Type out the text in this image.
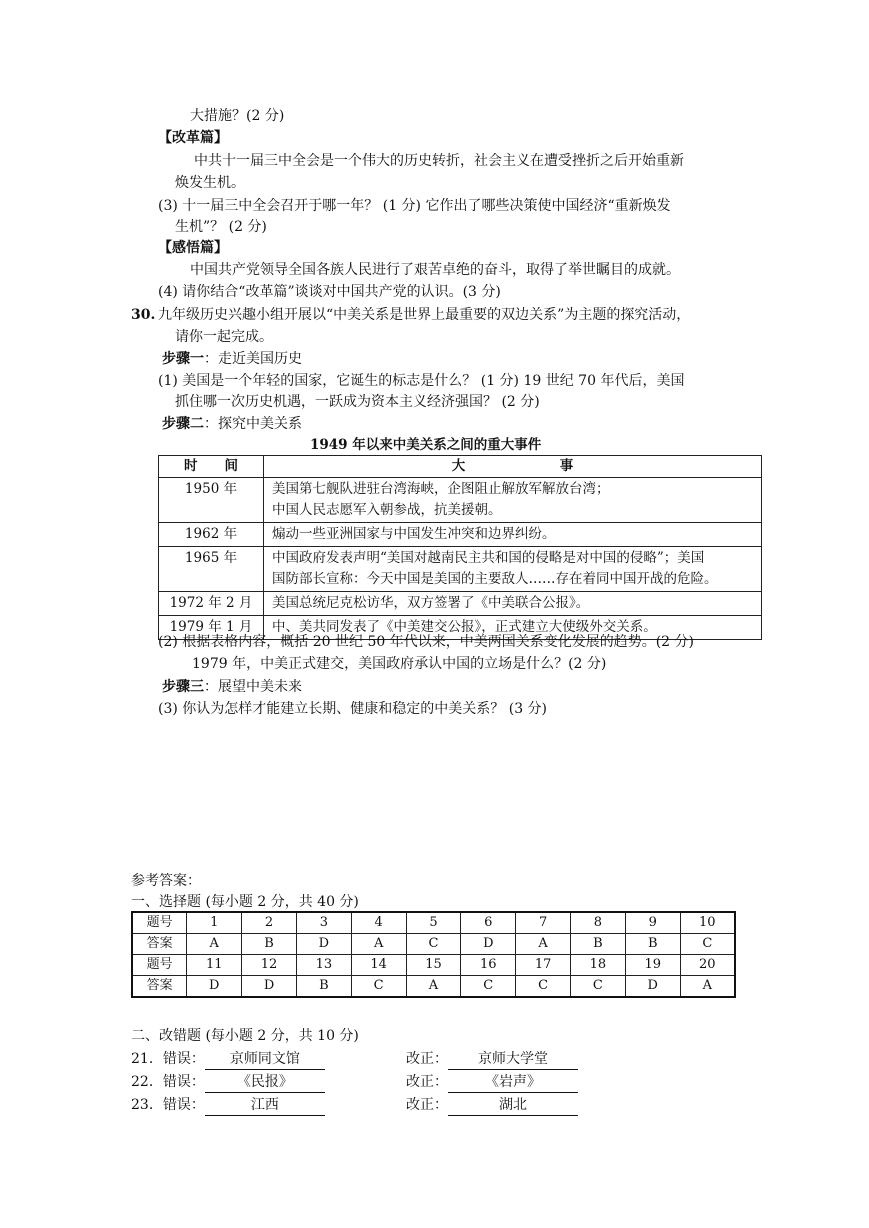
大措施？(2 分)
【改革篇】
中共十一届三中全会是一个伟大的历史转折，社会主义在遭受挫折之后开始重新
焕发生机。
(3) 十一届三中全会召开于哪一年？ (1 分) 它作出了哪些决策使中国经济“重新焕发
生机”？ (2 分)
【感悟篇】
中国共产党领导全国各族人民进行了艰苦卓绝的奋斗，取得了举世瞩目的成就。
(4) 请你结合“改革篇”谈谈对中国共产党的认识。(3 分)
30. 九年级历史兴趣小组开展以“中美关系是世界上最重要的双边关系”为主题的探究活动，
请你一起完成。
步骤一：走近美国历史
(1) 美国是一个年轻的国家，它诞生的标志是什么？ (1 分) 19 世纪 70 年代后，美国
抓住哪一次历史机遇，一跃成为资本主义经济强国？ (2 分)
步骤二：探究中美关系
1949 年以来中美关系之间的重大事件
时　　间	大　　　　　　　事
1950 年	美国第七舰队进驻台湾海峡，企图阻止解放军解放台湾；
中国人民志愿军入朝参战，抗美援朝。

1962 年	煽动一些亚洲国家与中国发生冲突和边界纠纷。
1965 年	中国政府发表声明“美国对越南民主共和国的侵略是对中国的侵略”；美国
国防部长宣称：今天中国是美国的主要敌人……存在着同中国开战的危险。

1972 年 2 月	美国总统尼克松访华，双方签署了《中美联合公报》。
1979 年 1 月	中、美共同发表了《中美建交公报》，正式建立大使级外交关系。
(2) 根据表格内容，概括 20 世纪 50 年代以来，中美两国关系变化发展的趋势。(2 分)
1979 年，中美正式建交，美国政府承认中国的立场是什么？(2 分)
步骤三：展望中美未来
(3) 你认为怎样才能建立长期、健康和稳定的中美关系？ (3 分)
参考答案：
一、选择题 (每小题 2 分，共 40 分)
题号	1	2	3	4	5	6	7	8	9	10
答案	A	B	D	A	C	D	A	B	B	C
题号	11	12	13	14	15	16	17	18	19	20
答案	D	D	B	C	A	C	C	C	D	A
二、改错题 (每小题 2 分，共 10 分)
21．错误： 京师同文馆	改正： 京师大学堂
22．错误： 《民报》	改正：	《岩声》
23．错误：	江西	改正：	湖北
